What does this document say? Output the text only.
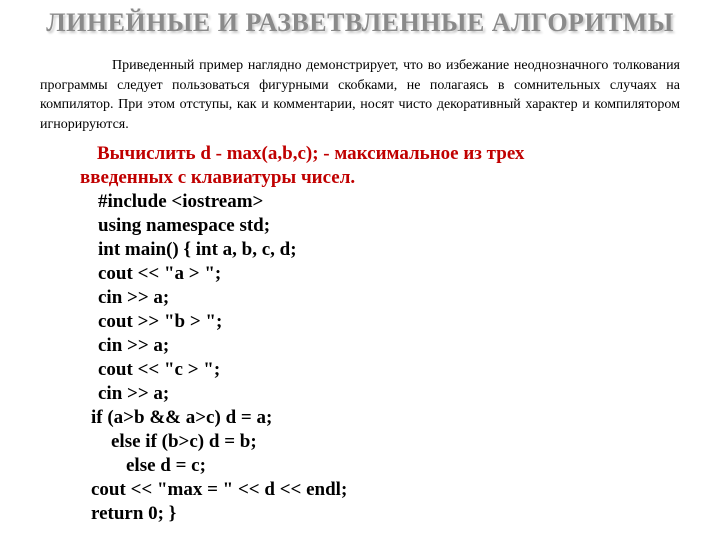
ЛИНЕЙНЫЕ И РАЗВЕТВЛЕННЫЕ АЛГОРИТМЫ

Приведенный пример наглядно демонстрирует, что во избежание неоднозначного толкования программы следует пользоваться фигурными скобками, не полагаясь в сомнительных случаях на компилятор. При этом отступы, как и комментарии, носят чисто декоративный характер и компилятором игнорируются.

Вычислить d - max(a,b,c); - максимальное из трех
введенных с клавиатуры чисел.
#include <iostream>
using namespace std;
int main() { int a, b, c, d;
cout << "a > ";
cin >> a;
cout >> "b > ";
cin >> a;
cout << "c > ";
cin >> a;
if (a>b && a>c) d = a;
else if (b>c) d = b;
else d = c;
cout << "max = " << d << endl;
return 0; }
